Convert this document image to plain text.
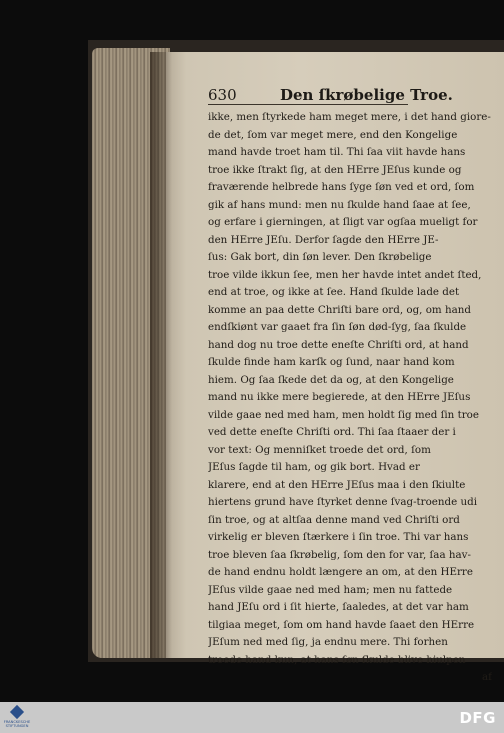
630	Den ſkrøbelige Troe.
ikke, men ſtyrkede ham meget mere, i det hand giore-
de det, ſom var meget mere, end den Kongelige
mand havde troet ham til. Thi ſaa viit havde hans
troe ikke ſtrakt ſig, at den HErre JEſus kunde og
fraværende helbrede hans ſyge ſøn ved et ord, ſom
gik af hans mund: men nu ſkulde hand ſaae at ſee,
og erfare i gierningen, at ſligt var ogſaa mueligt for
den HErre JEſu. Derfor ſagde den HErre JE-
ſus: Gak bort, din ſøn lever. Den ſkrøbelige
troe vilde ikkun ſee, men her havde intet andet ſted,
end at troe, og ikke at ſee. Hand ſkulde lade det
komme an paa dette Chriſti bare ord, og, om hand
endſkiønt var gaaet fra ſin ſøn død-ſyg, ſaa ſkulde
hand dog nu troe dette eneſte Chriſti ord, at hand
ſkulde finde ham karſk og ſund, naar hand kom
hiem. Og ſaa ſkede det da og, at den Kongelige
mand nu ikke mere begierede, at den HErre JEſus
vilde gaae ned med ham, men holdt ſig med ſin troe
ved dette eneſte Chriſti ord. Thi ſaa ſtaaer der i
vor text: Og menniſket troede det ord, ſom
JEſus ſagde til ham, og gik bort. Hvad er
klarere, end at den HErre JEſus maa i den ſkiulte
hiertens grund have ſtyrket denne ſvag-troende udi
ſin troe, og at altſaa denne mand ved Chriſti ord
virkelig er bleven ſtærkere i ſin troe. Thi var hans
troe bleven ſaa ſkrøbelig, ſom den for var, ſaa hav-
de hand endnu holdt længere an om, at den HErre
JEſus vilde gaae ned med ham; men nu fattede
hand JEſu ord i ſit hierte, ſaaledes, at det var ham
tilgiaa meget, ſom om hand havde ſaaet den HErre
JEſum ned med ſig, ja endnu mere. Thi forhen
troede hand kun, at hans ſøn ſkulde blive hiulpen
af
FRANCKESCHE
STIFTUNGEN	DFG
